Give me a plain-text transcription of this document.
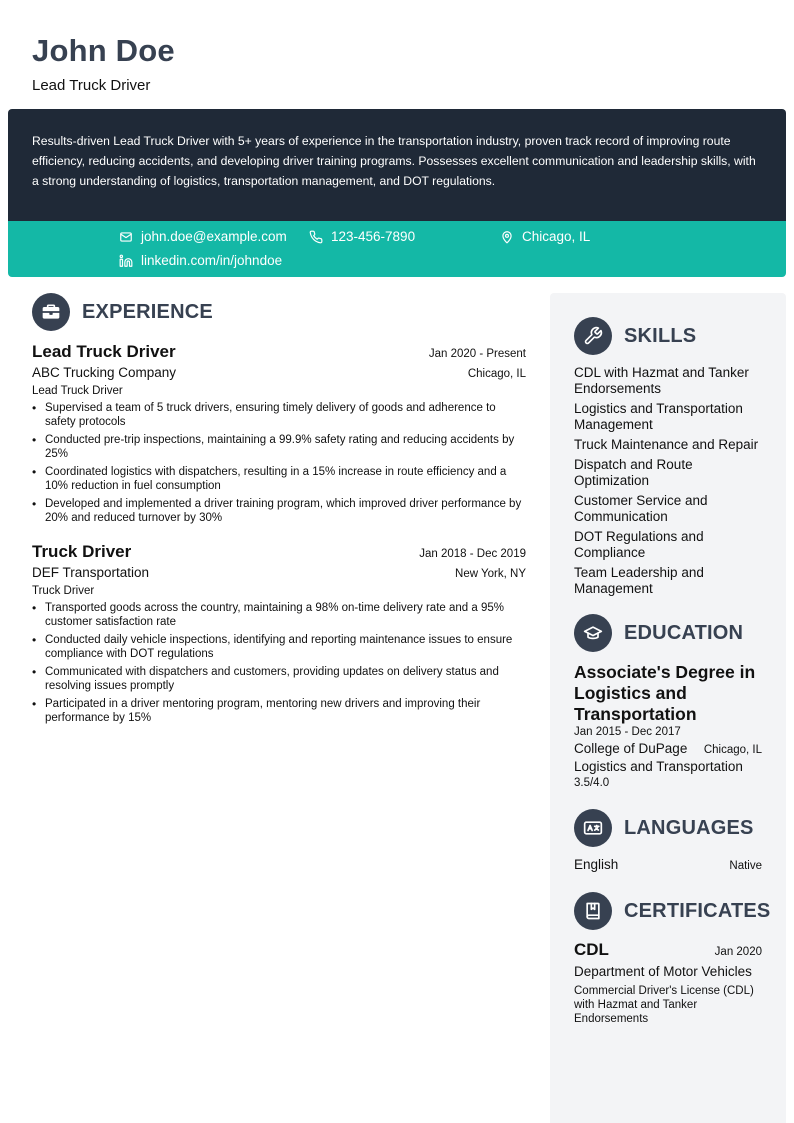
John Doe
Lead Truck Driver
Results-driven Lead Truck Driver with 5+ years of experience in the transportation industry, proven track record of improving route efficiency, reducing accidents, and developing driver training programs. Possesses excellent communication and leadership skills, with a strong understanding of logistics, transportation management, and DOT regulations.
john.doe@example.com	123-456-7890	Chicago, IL
linkedin.com/in/johndoe
EXPERIENCE
Lead Truck Driver	Jan 2020 - Present
ABC Trucking Company	Chicago, IL
Lead Truck Driver
• Supervised a team of 5 truck drivers, ensuring timely delivery of goods and adherence to safety protocols
• Conducted pre-trip inspections, maintaining a 99.9% safety rating and reducing accidents by 25%
• Coordinated logistics with dispatchers, resulting in a 15% increase in route efficiency and a 10% reduction in fuel consumption
• Developed and implemented a driver training program, which improved driver performance by 20% and reduced turnover by 30%
Truck Driver	Jan 2018 - Dec 2019
DEF Transportation	New York, NY
Truck Driver
• Transported goods across the country, maintaining a 98% on-time delivery rate and a 95% customer satisfaction rate
• Conducted daily vehicle inspections, identifying and reporting maintenance issues to ensure compliance with DOT regulations
• Communicated with dispatchers and customers, providing updates on delivery status and resolving issues promptly
• Participated in a driver mentoring program, mentoring new drivers and improving their performance by 15%
SKILLS
CDL with Hazmat and Tanker Endorsements
Logistics and Transportation Management
Truck Maintenance and Repair
Dispatch and Route Optimization
Customer Service and Communication
DOT Regulations and Compliance
Team Leadership and Management
EDUCATION
Associate's Degree in Logistics and Transportation
Jan 2015 - Dec 2017
College of DuPage Chicago, IL
Logistics and Transportation
3.5/4.0
LANGUAGES
English	Native
CERTIFICATES
CDL	Jan 2020
Department of Motor Vehicles
Commercial Driver's License (CDL) with Hazmat and Tanker Endorsements
